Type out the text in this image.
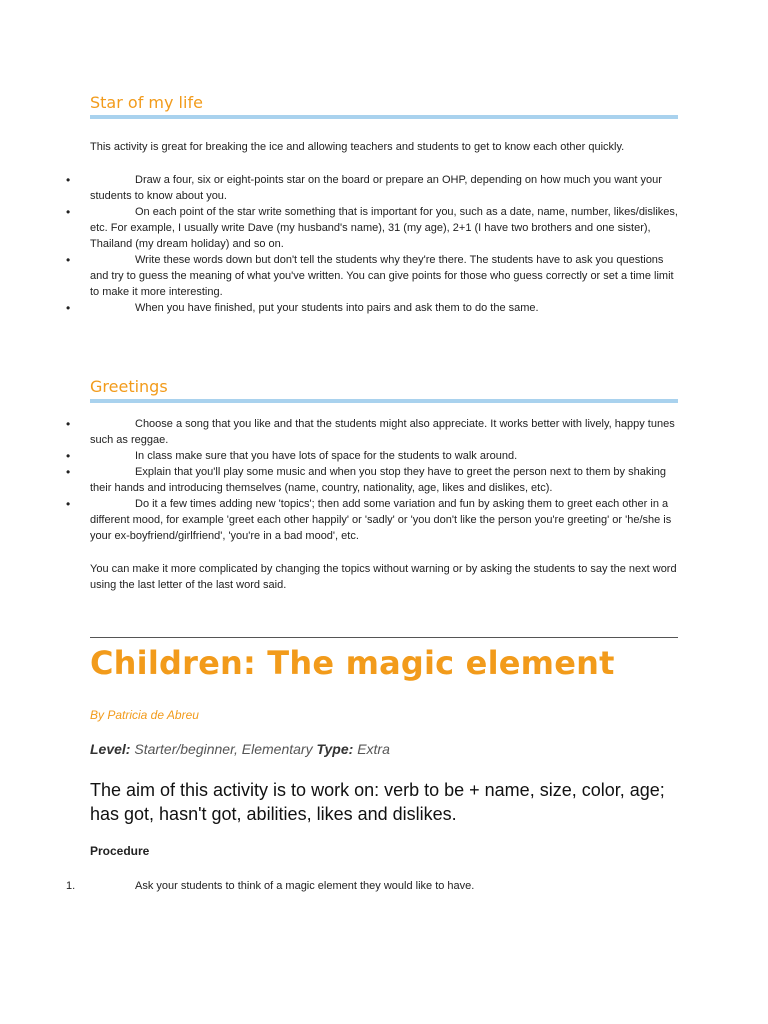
Star of my life

This activity is great for breaking the ice and allowing teachers and students to get to know each other quickly.

•	Draw a four, six or eight-points star on the board or prepare an OHP, depending on how much you want your students to know about you.
•	On each point of the star write something that is important for you, such as a date, name, number, likes/dislikes, etc. For example, I usually write Dave (my husband's name), 31 (my age), 2+1 (I have two brothers and one sister), Thailand (my dream holiday) and so on.
•	Write these words down but don't tell the students why they're there. The students have to ask you questions and try to guess the meaning of what you've written. You can give points for those who guess correctly or set a time limit to make it more interesting.
•	When you have finished, put your students into pairs and ask them to do the same.
Greetings
•	Choose a song that you like and that the students might also appreciate. It works better with lively, happy tunes such as reggae.
•	In class make sure that you have lots of space for the students to walk around.
•	Explain that you'll play some music and when you stop they have to greet the person next to them by shaking their hands and introducing themselves (name, country, nationality, age, likes and dislikes, etc).
•	Do it a few times adding new 'topics'; then add some variation and fun by asking them to greet each other in a different mood, for example 'greet each other happily' or 'sadly' or 'you don't like the person you're greeting' or 'he/she is your ex-boyfriend/girlfriend', 'you're in a bad mood', etc.

You can make it more complicated by changing the topics without warning or by asking the students to say the next word using the last letter of the last word said.

Children: The magic element
By Patricia de Abreu
Level: Starter/beginner, Elementary Type: Extra

The aim of this activity is to work on: verb to be + name, size, color, age; has got, hasn't got, abilities, likes and dislikes.

Procedure
1.	Ask your students to think of a magic element they would like to have.
